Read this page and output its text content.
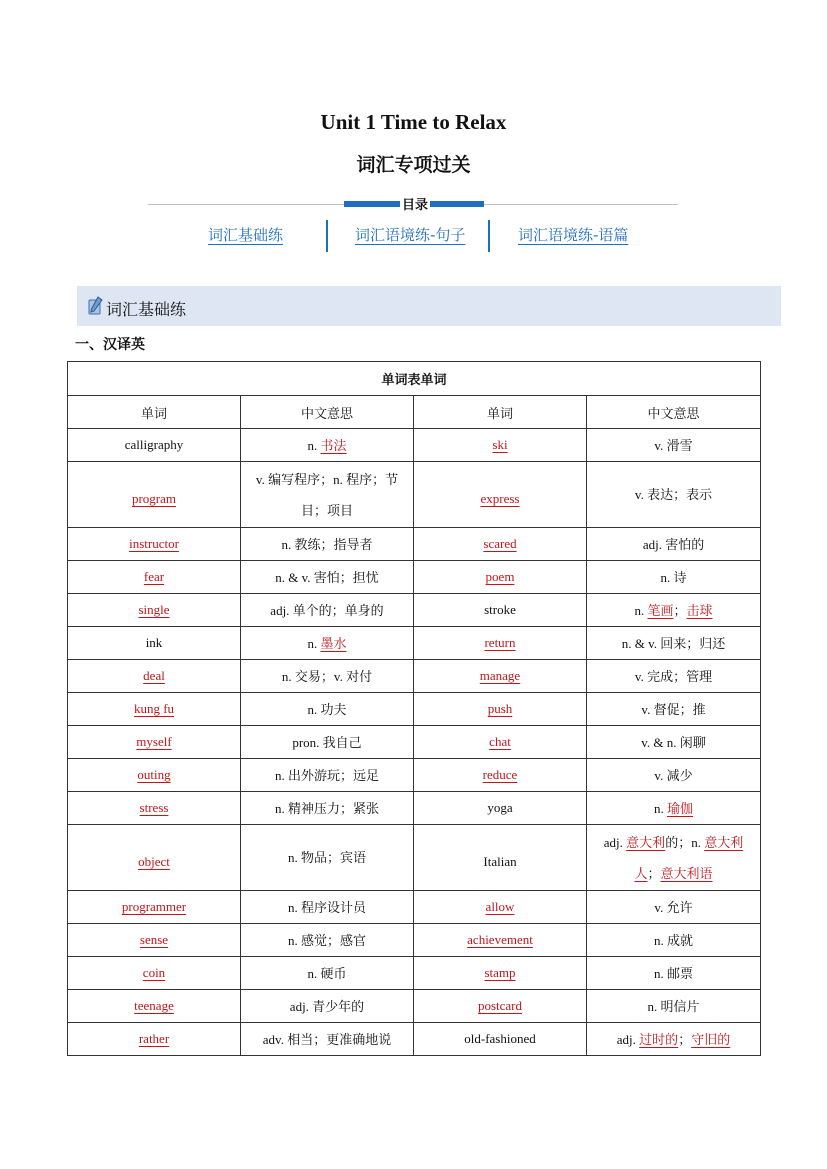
Unit 1 Time to Relax
词汇专项过关
目录
词汇基础练	词汇语境练-句子	词汇语境练-语篇
词汇基础练
一、汉译英
单词表单词			
单词	中文意思	单词	中文意思
calligraphy	n. 书法	ski	v. 滑雪
program	v. 编写程序；n. 程序；节目；项目	express	v. 表达；表示
instructor	n. 教练；指导者	scared	adj. 害怕的
fear	n. & v. 害怕；担忧	poem	n. 诗
single	adj. 单个的；单身的	stroke	n. 笔画；击球
ink	n. 墨水	return	n. & v. 回来；归还
deal	n. 交易；v. 对付	manage	v. 完成；管理
kung fu	n. 功夫	push	v. 督促；推
myself	pron. 我自己	chat	v. & n. 闲聊
outing	n. 出外游玩；远足	reduce	v. 减少
stress	n. 精神压力；紧张	yoga	n. 瑜伽
object	n. 物品；宾语	Italian	adj. 意大利的；n. 意大利人；意大利语
programmer	n. 程序设计员	allow	v. 允许
sense	n. 感觉；感官	achievement	n. 成就
coin	n. 硬币	stamp	n. 邮票
teenage	adj. 青少年的	postcard	n. 明信片
rather	adv. 相当；更准确地说	old-fashioned	adj. 过时的；守旧的
